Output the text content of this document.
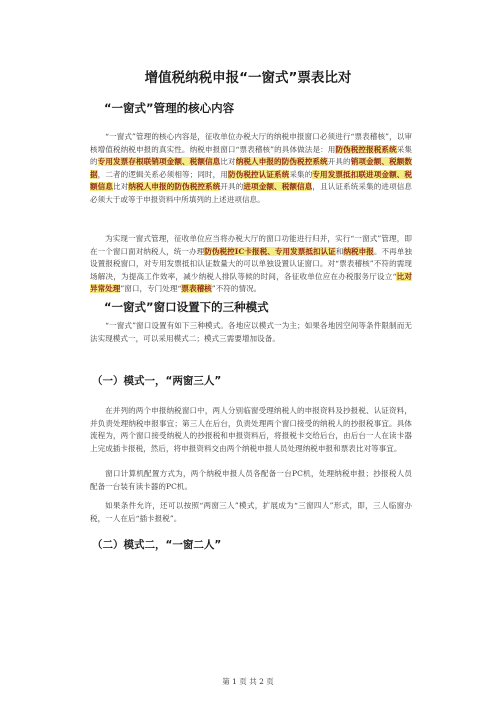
增值税纳税申报“一窗式”票表比对
“一窗式”管理的核心内容
“一窗式”管理的核心内容是，征收单位办税大厅的纳税申报窗口必须进行“票表稽核”，以审核增值税纳税申报的真实性。纳税申报窗口“票表稽核”的具体做法是：用防伪税控报税系统采集的专用发票存根联销项金额、税额信息比对纳税人申报的防伪税控系统开具的销项金额、税额数据，二者的逻辑关系必须相等；同时，用防伪税控认证系统采集的专用发票抵扣联进项金额、税额信息比对纳税人申报的防伪税控系统开具的进项金额、税额信息，且认证系统采集的进项信息必须大于或等于申报资料中所填列的上述进项信息。
为实现一窗式管理，征收单位应当将办税大厅的窗口功能进行归并，实行“一窗式”管理，即在一个窗口面对纳税人，统一办理防伪税控IC卡报税、专用发票抵扣认证和纳税申报。不再单独设置报税窗口，对专用发票抵扣认证数量大的可以单独设置认证窗口。对“票表稽核”不符的需现场解决，为提高工作效率，减少纳税人排队等候的时间，各征收单位应在办税服务厅设立“比对异常处理”窗口，专门处理“票表稽核”不符的情况。
“一窗式”窗口设置下的三种模式
“一窗式”窗口设置有如下三种模式。各地应以模式一为主；如果各地因空间等条件限制而无法实现模式一，可以采用模式二；模式三需要增加设备。
（一）模式一，“两窗三人”
在并列的两个申报纳税窗口中，两人分别临窗受理纳税人的申报资料及抄报税、认证资料，并负责处理纳税申报事宜；第三人在后台，负责处理两个窗口接受的纳税人的抄报税事宜。具体流程为，两个窗口接受纳税人的抄报税和申报资料后，将报税卡交给后台，由后台一人在读卡器上完成插卡报税，然后，将申报资料交由两个纳税申报人员处理纳税申报和票表比对等事宜。
窗口计算机配置方式为，两个纳税申报人员各配备一台PC机，处理纳税申报；抄报税人员配备一台装有读卡器的PC机。
如果条件允许，还可以按照“两窗三人”模式，扩展成为“三窗四人”形式，即，三人临窗办税，一人在后“插卡报税”。
（二）模式二，“一窗二人”
第 1 页 共 2 页
